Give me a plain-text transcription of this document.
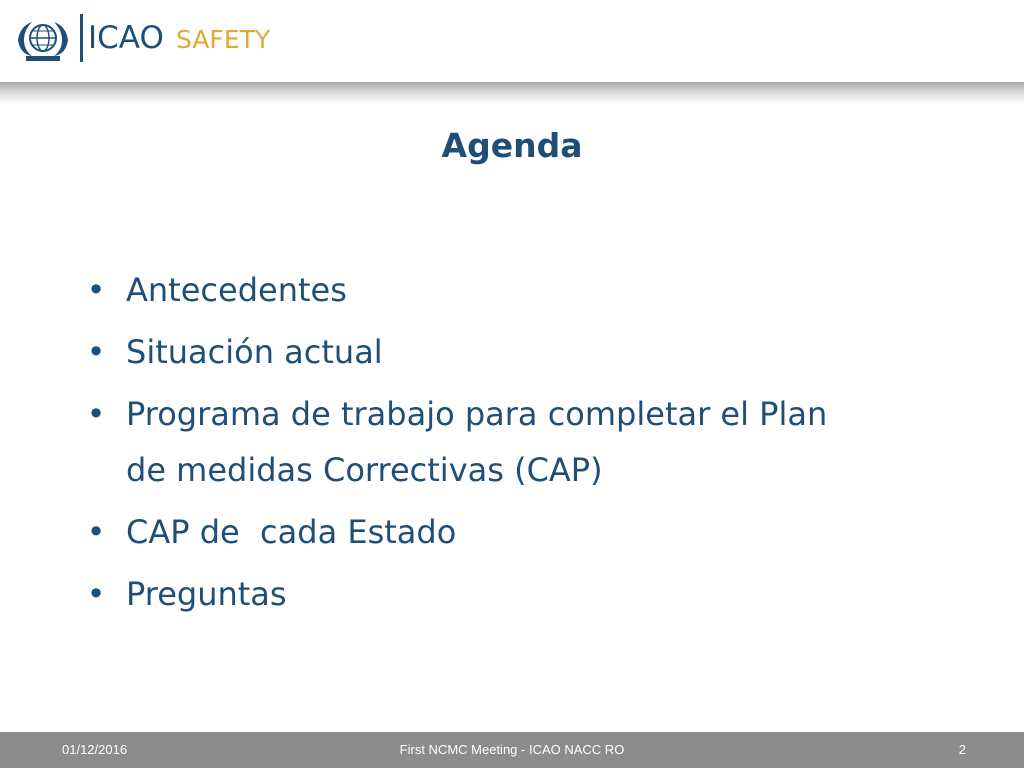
ICAO SAFETY
Agenda
• Antecedentes
• Situación actual
• Programa de trabajo para completar el Plan
de medidas Correctivas (CAP)
• CAP de  cada Estado
• Preguntas
01/12/2016	First NCMC Meeting - ICAO NACC RO	2
